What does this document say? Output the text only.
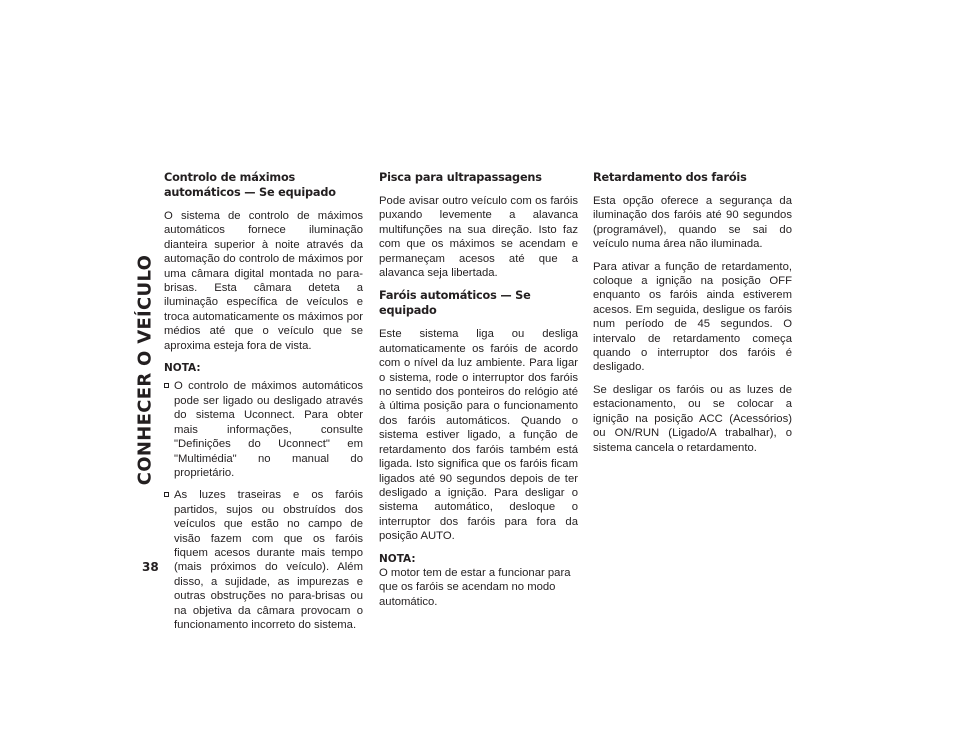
CONHECER O VEÍCULO
38
Controlo de máximos automáticos — Se equipado

O sistema de controlo de máximos automáticos fornece iluminação dianteira superior à noite através da automação do controlo de máximos por uma câmara digital montada no para-brisas. Esta câmara deteta a iluminação específica de veículos e troca automaticamente os máximos por médios até que o veículo que se aproxima esteja fora de vista.

NOTA:
O controlo de máximos automáticos pode ser ligado ou desligado através do sistema Uconnect. Para obter mais informações, consulte "Definições do Uconnect" em "Multimédia" no manual do proprietário.
As luzes traseiras e os faróis partidos, sujos ou obstruídos dos veículos que estão no campo de visão fazem com que os faróis fiquem acesos durante mais tempo (mais próximos do veículo). Além disso, a sujidade, as impurezas e outras obstruções no para-brisas ou na objetiva da câmara provocam o funcionamento incorreto do sistema.
Pisca para ultrapassagens

Pode avisar outro veículo com os faróis puxando levemente a alavanca multifunções na sua direção. Isto faz com que os máximos se acendam e permaneçam acesos até que a alavanca seja libertada.

Faróis automáticos — Se equipado

Este sistema liga ou desliga automaticamente os faróis de acordo com o nível da luz ambiente. Para ligar o sistema, rode o interruptor dos faróis no sentido dos ponteiros do relógio até à última posição para o funcionamento dos faróis automáticos. Quando o sistema estiver ligado, a função de retardamento dos faróis também está ligada. Isto significa que os faróis ficam ligados até 90 segundos depois de ter desligado a ignição. Para desligar o sistema automático, desloque o interruptor dos faróis para fora da posição AUTO.

NOTA:

O motor tem de estar a funcionar para que os faróis se acendam no modo automático.

Retardamento dos faróis

Esta opção oferece a segurança da iluminação dos faróis até 90 segundos (programável), quando se sai do veículo numa área não iluminada.

Para ativar a função de retardamento, coloque a ignição na posição OFF enquanto os faróis ainda estiverem acesos. Em seguida, desligue os faróis num período de 45 segundos. O intervalo de retardamento começa quando o interruptor dos faróis é desligado.

Se desligar os faróis ou as luzes de estacionamento, ou se colocar a ignição na posição ACC (Acessórios) ou ON/RUN (Ligado/A trabalhar), o sistema cancela o retardamento.
